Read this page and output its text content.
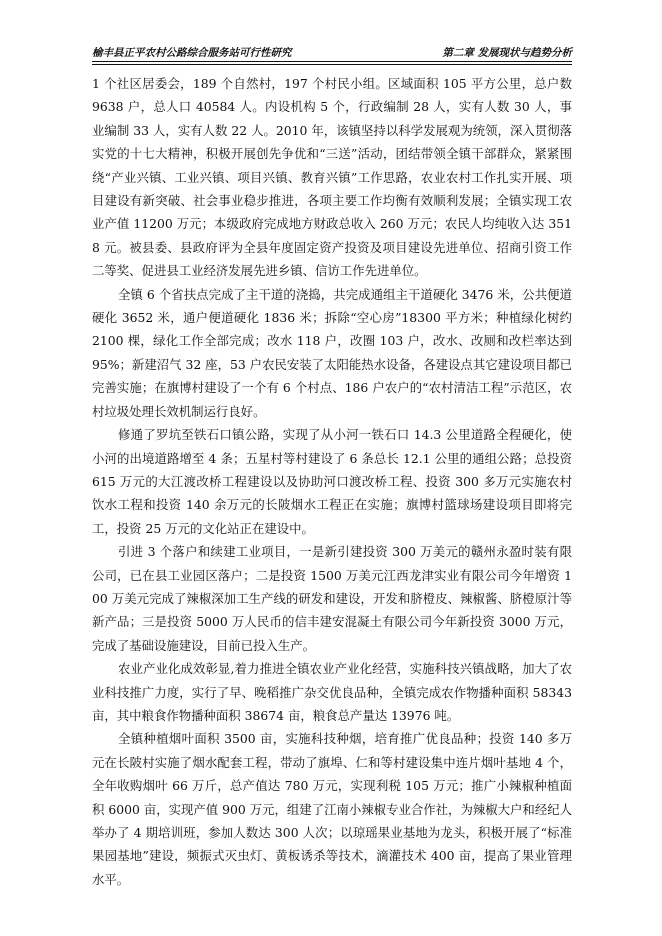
榆丰县正平农村公路综合服务站可行性研究	第二章 发展现状与趋势分析

1 个社区居委会，189 个自然村，197 个村民小组。区域面积 105 平方公里，总户数 9638 户，总人口 40584 人。内设机构 5 个，行政编制 28 人，实有人数 30 人，事业编制 33 人，实有人数 22 人。2010 年，该镇坚持以科学发展观为统领，深入贯彻落实党的十七大精神，积极开展创先争优和“三送”活动，团结带领全镇干部群众，紧紧围绕“产业兴镇、工业兴镇、项目兴镇、教育兴镇”工作思路，农业农村工作扎实开展、项目建设有新突破、社会事业稳步推进，各项主要工作均衡有效顺利发展；全镇实现工农业产值 11200 万元；本级政府完成地方财政总收入 260 万元；农民人均纯收入达 3518 元。被县委、县政府评为全县年度固定资产投资及项目建设先进单位、招商引资工作二等奖、促进县工业经济发展先进乡镇、信访工作先进单位。

全镇 6 个省扶点完成了主干道的浇捣，共完成通组主干道硬化 3476 米，公共便道硬化 3652 米，通户便道硬化 1836 米；拆除“空心房”18300 平方米；种植绿化树约 2100 棵，绿化工作全部完成；改水 118 户，改圈 103 户，改水、改厕和改栏率达到 95%；新建沼气 32 座，53 户农民安装了太阳能热水设备，各建设点其它建设项目都已完善实施；在旗博村建设了一个有 6 个村点、186 户农户的“农村清洁工程”示范区，农村垃圾处理长效机制运行良好。

修通了罗坑至铁石口镇公路，实现了从小河一铁石口 14.3 公里道路全程硬化，使小河的出境道路增至 4 条；五星村等村建设了 6 条总长 12.1 公里的通组公路；总投资 615 万元的大江渡改桥工程建设以及协助河口渡改桥工程、投资 300 多万元实施农村饮水工程和投资 140 余万元的长陂烟水工程正在实施；旗博村篮球场建设项目即将完工，投资 25 万元的文化站正在建设中。

引进 3 个落户和续建工业项目，一是新引建投资 300 万美元的赣州永盈时装有限公司，已在县工业园区落户；二是投资 1500 万美元江西龙津实业有限公司今年增资 100 万美元完成了辣椒深加工生产线的研发和建设，开发和脐橙皮、辣椒酱、脐橙原汁等新产品；三是投资 5000 万人民币的信丰建安混凝土有限公司今年新投资 3000 万元，完成了基础设施建设，目前已投入生产。

农业产业化成效彰显,着力推进全镇农业产业化经营，实施科技兴镇战略，加大了农业科技推广力度，实行了早、晚稻推广杂交优良品种，全镇完成农作物播种面积 58343 亩，其中粮食作物播种面积 38674 亩，粮食总产量达 13976 吨。

全镇种植烟叶面积 3500 亩，实施科技种烟，培育推广优良品种；投资 140 多万元在长陂村实施了烟水配套工程，带动了旗埠、仁和等村建设集中连片烟叶基地 4 个，全年收购烟叶 66 万斤，总产值达 780 万元，实现利税 105 万元；推广小辣椒种植面积 6000 亩，实现产值 900 万元，组建了江南小辣椒专业合作社，为辣椒大户和经纪人举办了 4 期培训班，参加人数达 300 人次；以琼瑶果业基地为龙头，积极开展了“标准果园基地”建设，频振式灭虫灯、黄板诱杀等技术，滴灌技术 400 亩，提高了果业管理水平。
